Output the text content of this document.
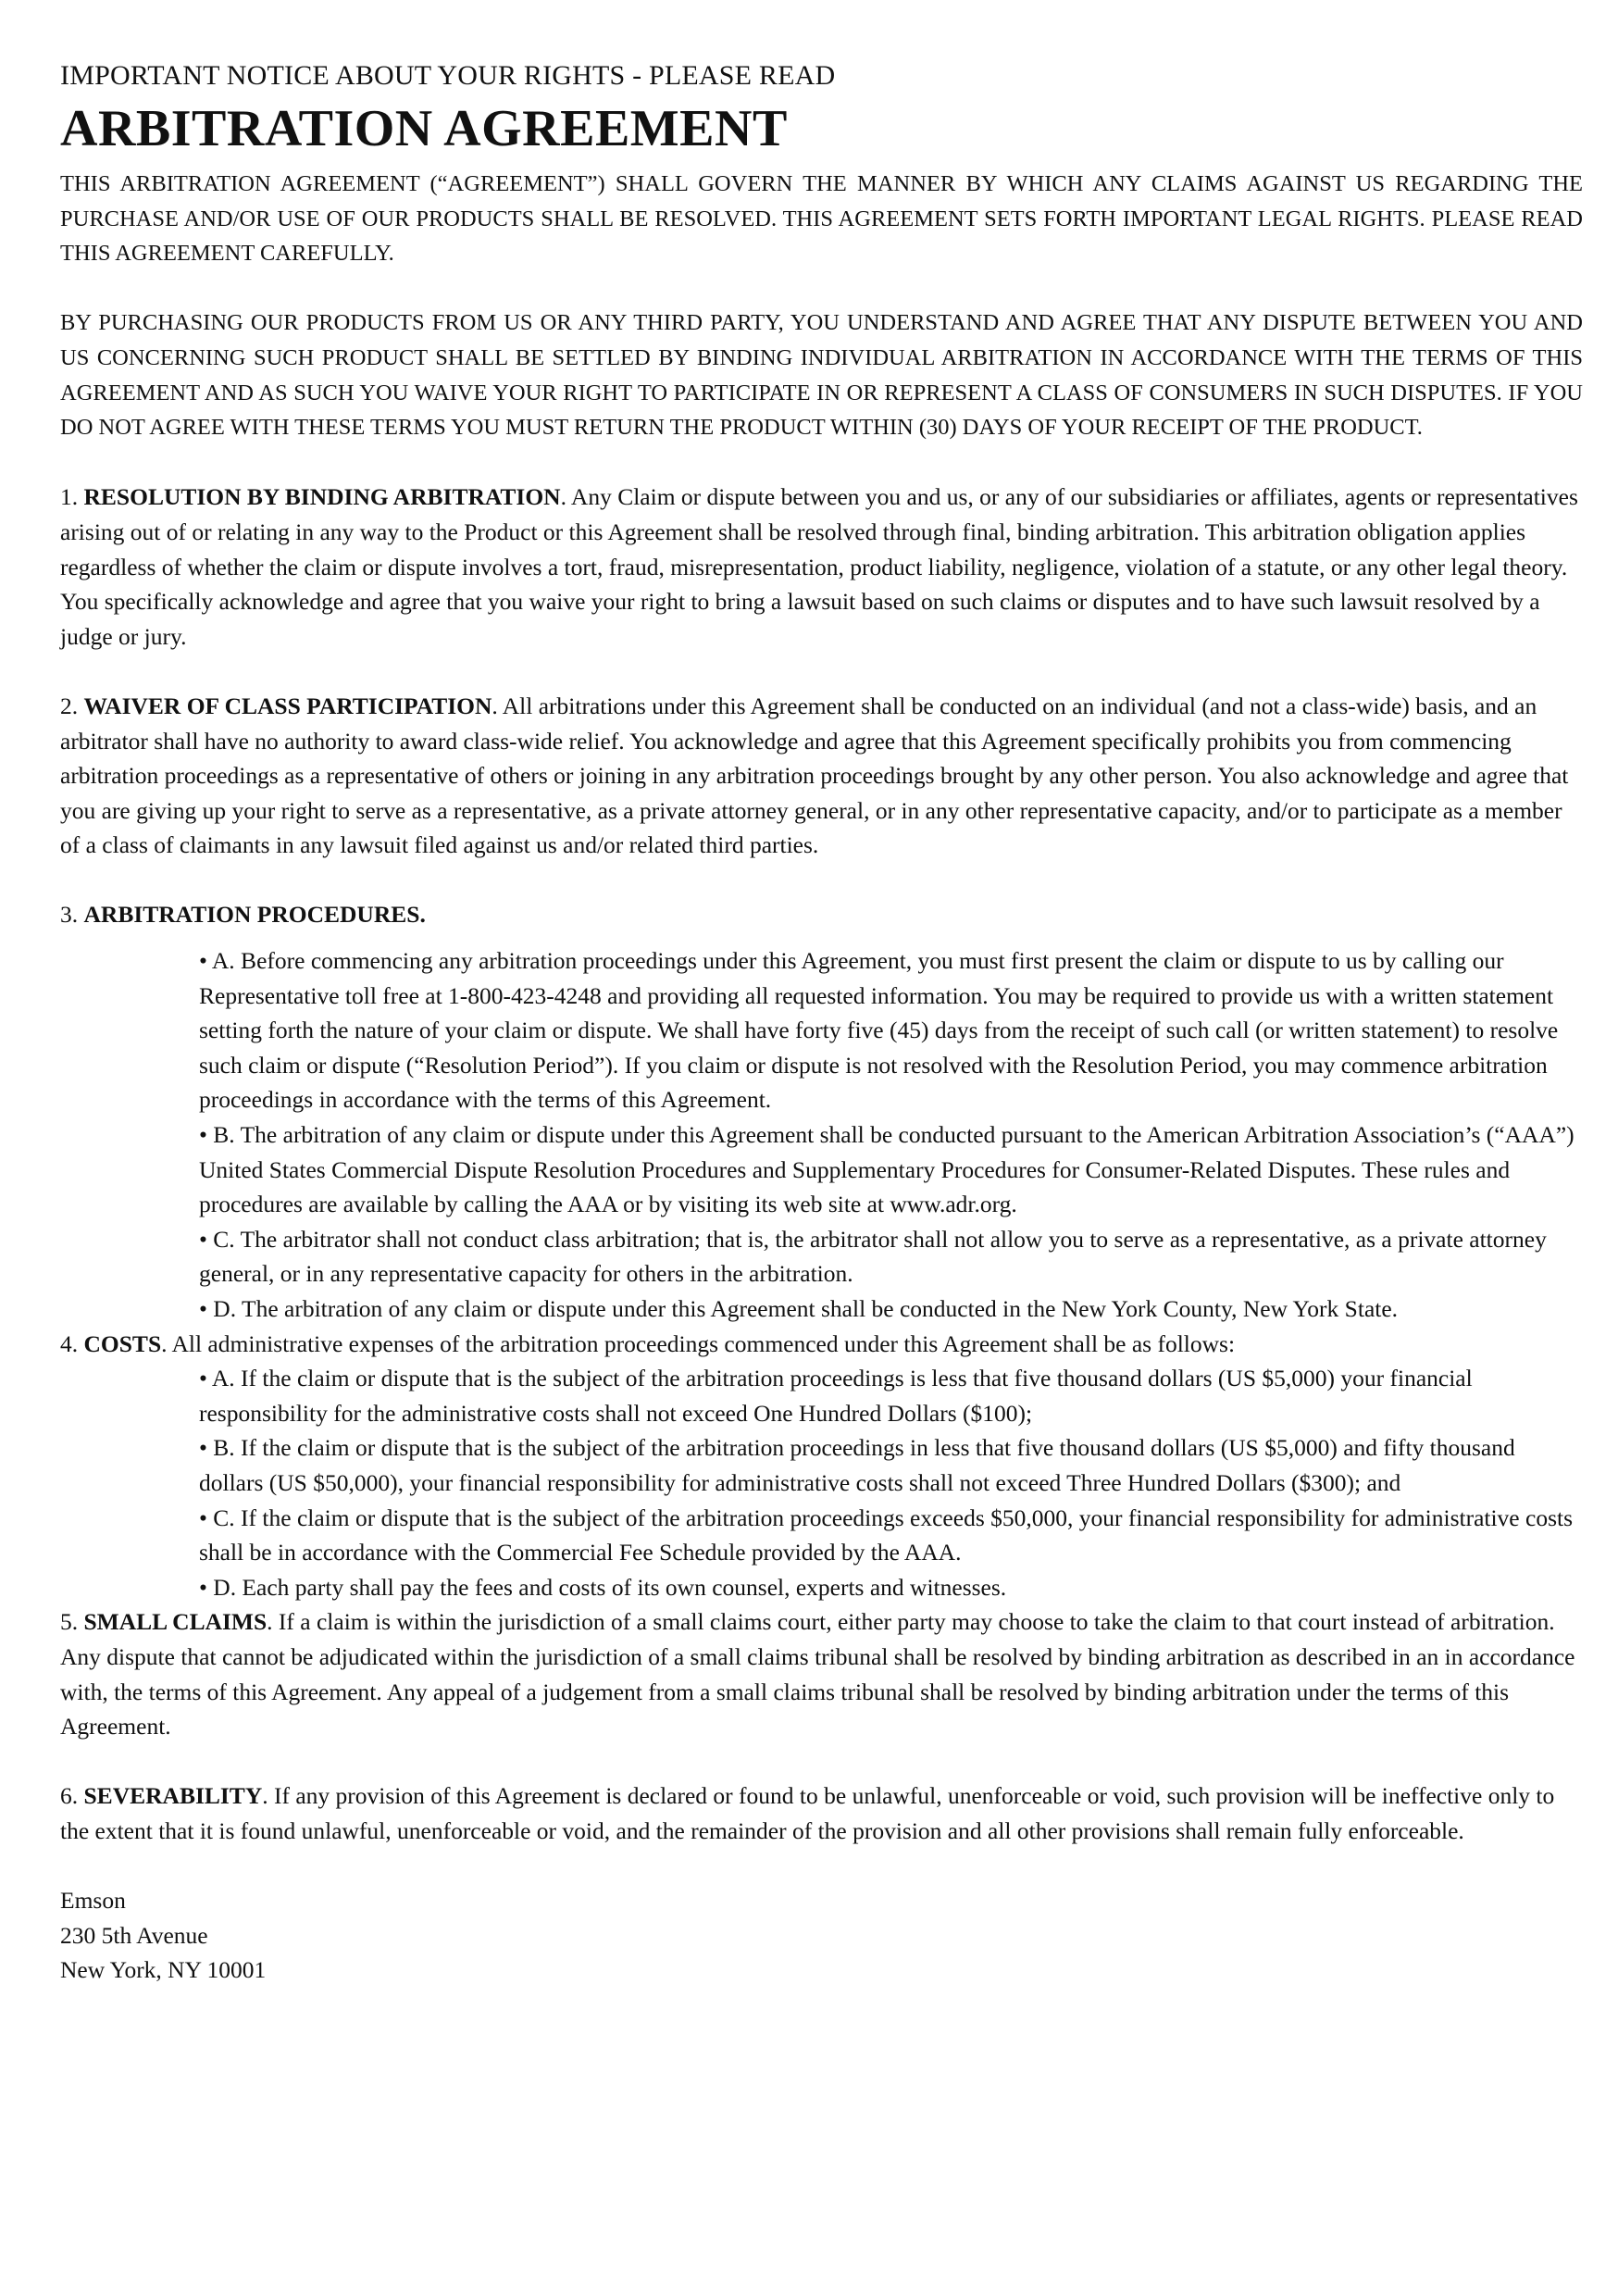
IMPORTANT NOTICE ABOUT YOUR RIGHTS - PLEASE READ

ARBITRATION AGREEMENT

THIS ARBITRATION AGREEMENT (“AGREEMENT”) SHALL GOVERN THE MANNER BY WHICH ANY CLAIMS AGAINST US REGARDING THE PURCHASE AND/OR USE OF OUR PRODUCTS SHALL BE RESOLVED. THIS AGREEMENT SETS FORTH IMPORTANT LEGAL RIGHTS. PLEASE READ THIS AGREEMENT CAREFULLY.

BY PURCHASING OUR PRODUCTS FROM US OR ANY THIRD PARTY, YOU UNDERSTAND AND AGREE THAT ANY DISPUTE BETWEEN YOU AND US CONCERNING SUCH PRODUCT SHALL BE SETTLED BY BINDING INDIVIDUAL ARBITRATION IN ACCORDANCE WITH THE TERMS OF THIS AGREEMENT AND AS SUCH YOU WAIVE YOUR RIGHT TO PARTICIPATE IN OR REPRESENT A CLASS OF CONSUMERS IN SUCH DISPUTES. IF YOU DO NOT AGREE WITH THESE TERMS YOU MUST RETURN THE PRODUCT WITHIN (30) DAYS OF YOUR RECEIPT OF THE PRODUCT.

1. RESOLUTION BY BINDING ARBITRATION. Any Claim or dispute between you and us, or any of our subsidiaries or affiliates, agents or representatives arising out of or relating in any way to the Product or this Agreement shall be resolved through final, binding arbitration. This arbitration obligation applies regardless of whether the claim or dispute involves a tort, fraud, misrepresentation, product liability, negligence, violation of a statute, or any other legal theory. You specifically acknowledge and agree that you waive your right to bring a lawsuit based on such claims or disputes and to have such lawsuit resolved by a judge or jury.

2. WAIVER OF CLASS PARTICIPATION. All arbitrations under this Agreement shall be conducted on an individual (and not a class-wide) basis, and an arbitrator shall have no authority to award class-wide relief. You acknowledge and agree that this Agreement specifically prohibits you from commencing arbitration proceedings as a representative of others or joining in any arbitration proceedings brought by any other person. You also acknowledge and agree that you are giving up your right to serve as a representative, as a private attorney general, or in any other representative capacity, and/or to participate as a member of a class of claimants in any lawsuit filed against us and/or related third parties.

3. ARBITRATION PROCEDURES.

• A. Before commencing any arbitration proceedings under this Agreement, you must first present the claim or dispute to us by calling our Representative toll free at 1-800-423-4248 and providing all requested information. You may be required to provide us with a written statement setting forth the nature of your claim or dispute. We shall have forty five (45) days from the receipt of such call (or written statement) to resolve such claim or dispute (“Resolution Period”). If you claim or dispute is not resolved with the Resolution Period, you may commence arbitration proceedings in accordance with the terms of this Agreement.
• B. The arbitration of any claim or dispute under this Agreement shall be conducted pursuant to the American Arbitration Association’s (“AAA”) United States Commercial Dispute Resolution Procedures and Supplementary Procedures for Consumer-Related Disputes. These rules and procedures are available by calling the AAA or by visiting its web site at www.adr.org.
• C. The arbitrator shall not conduct class arbitration; that is, the arbitrator shall not allow you to serve as a representative, as a private attorney general, or in any representative capacity for others in the arbitration.
• D. The arbitration of any claim or dispute under this Agreement shall be conducted in the New York County, New York State.

4. COSTS. All administrative expenses of the arbitration proceedings commenced under this Agreement shall be as follows:

• A. If the claim or dispute that is the subject of the arbitration proceedings is less that five thousand dollars (US $5,000) your financial responsibility for the administrative costs shall not exceed One Hundred Dollars ($100);
• B. If the claim or dispute that is the subject of the arbitration proceedings in less that five thousand dollars (US $5,000) and fifty thousand dollars (US $50,000), your financial responsibility for administrative costs shall not exceed Three Hundred Dollars ($300); and
• C. If the claim or dispute that is the subject of the arbitration proceedings exceeds $50,000, your financial responsibility for administrative costs shall be in accordance with the Commercial Fee Schedule provided by the AAA.
• D. Each party shall pay the fees and costs of its own counsel, experts and witnesses.

5. SMALL CLAIMS. If a claim is within the jurisdiction of a small claims court, either party may choose to take the claim to that court instead of arbitration. Any dispute that cannot be adjudicated within the jurisdiction of a small claims tribunal shall be resolved by binding arbitration as described in an in accordance with, the terms of this Agreement. Any appeal of a judgement from a small claims tribunal shall be resolved by binding arbitration under the terms of this Agreement.

6. SEVERABILITY. If any provision of this Agreement is declared or found to be unlawful, unenforceable or void, such provision will be ineffective only to the extent that it is found unlawful, unenforceable or void, and the remainder of the provision and all other provisions shall remain fully enforceable.

Emson

230 5th Avenue

New York, NY 10001
